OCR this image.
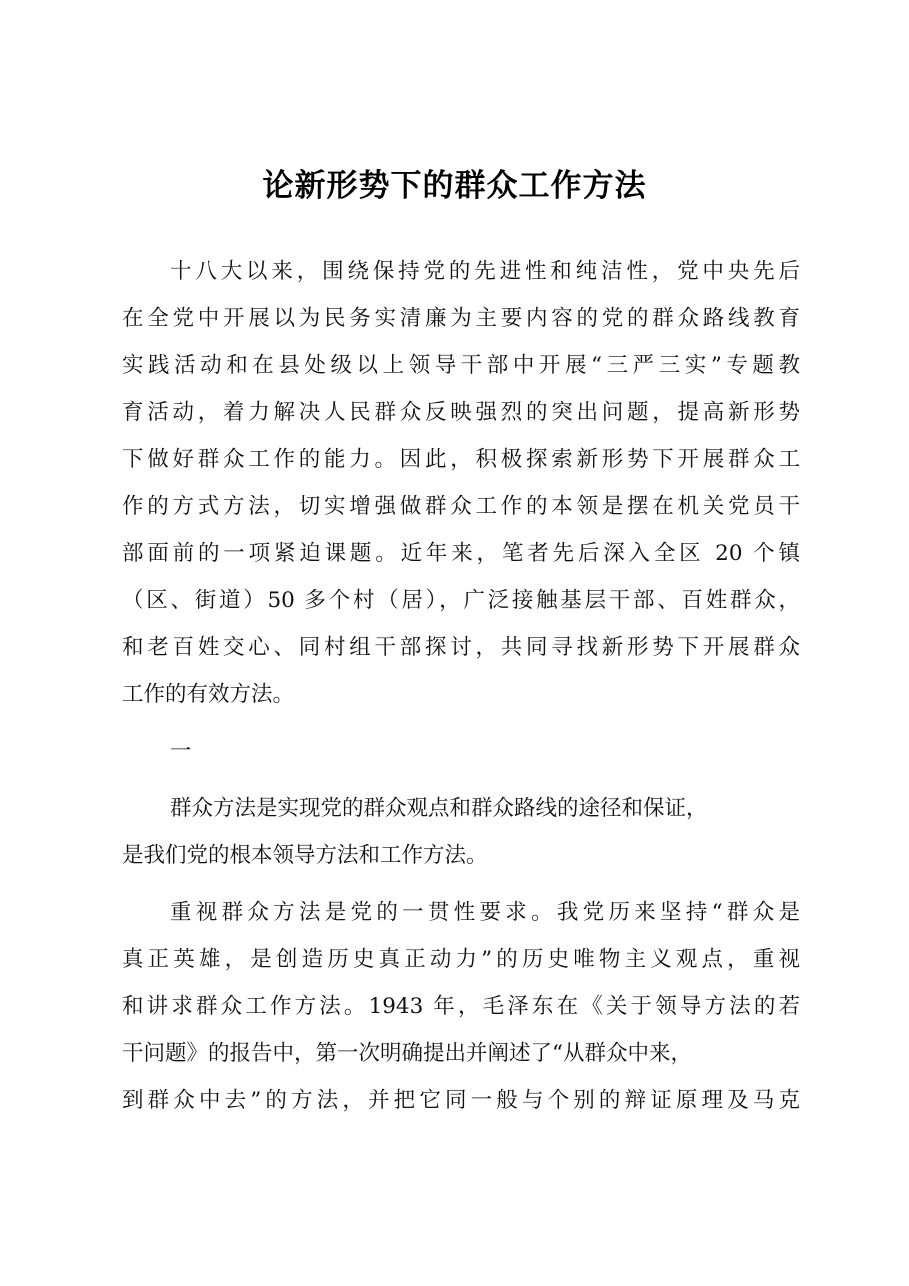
论新形势下的群众工作方法
十八大以来，围绕保持党的先进性和纯洁性，党中央先后
在全党中开展以为民务实清廉为主要内容的党的群众路线教育
实践活动和在县处级以上领导干部中开展“三严三实”专题教
育活动，着力解决人民群众反映强烈的突出问题，提高新形势
下做好群众工作的能力。因此，积极探索新形势下开展群众工
作的方式方法，切实增强做群众工作的本领是摆在机关党员干
部面前的一项紧迫课题。近年来，笔者先后深入全区 20 个镇
（区、街道）50 多个村（居），广泛接触基层干部、百姓群众，
和老百姓交心、同村组干部探讨，共同寻找新形势下开展群众
工作的有效方法。
一
群众方法是实现党的群众观点和群众路线的途径和保证，
是我们党的根本领导方法和工作方法。
重视群众方法是党的一贯性要求。我党历来坚持“群众是
真正英雄，是创造历史真正动力”的历史唯物主义观点，重视
和讲求群众工作方法。1943 年，毛泽东在《关于领导方法的若
干问题》的报告中，第一次明确提出并阐述了“从群众中来，
到群众中去”的方法，并把它同一般与个别的辩证原理及马克
